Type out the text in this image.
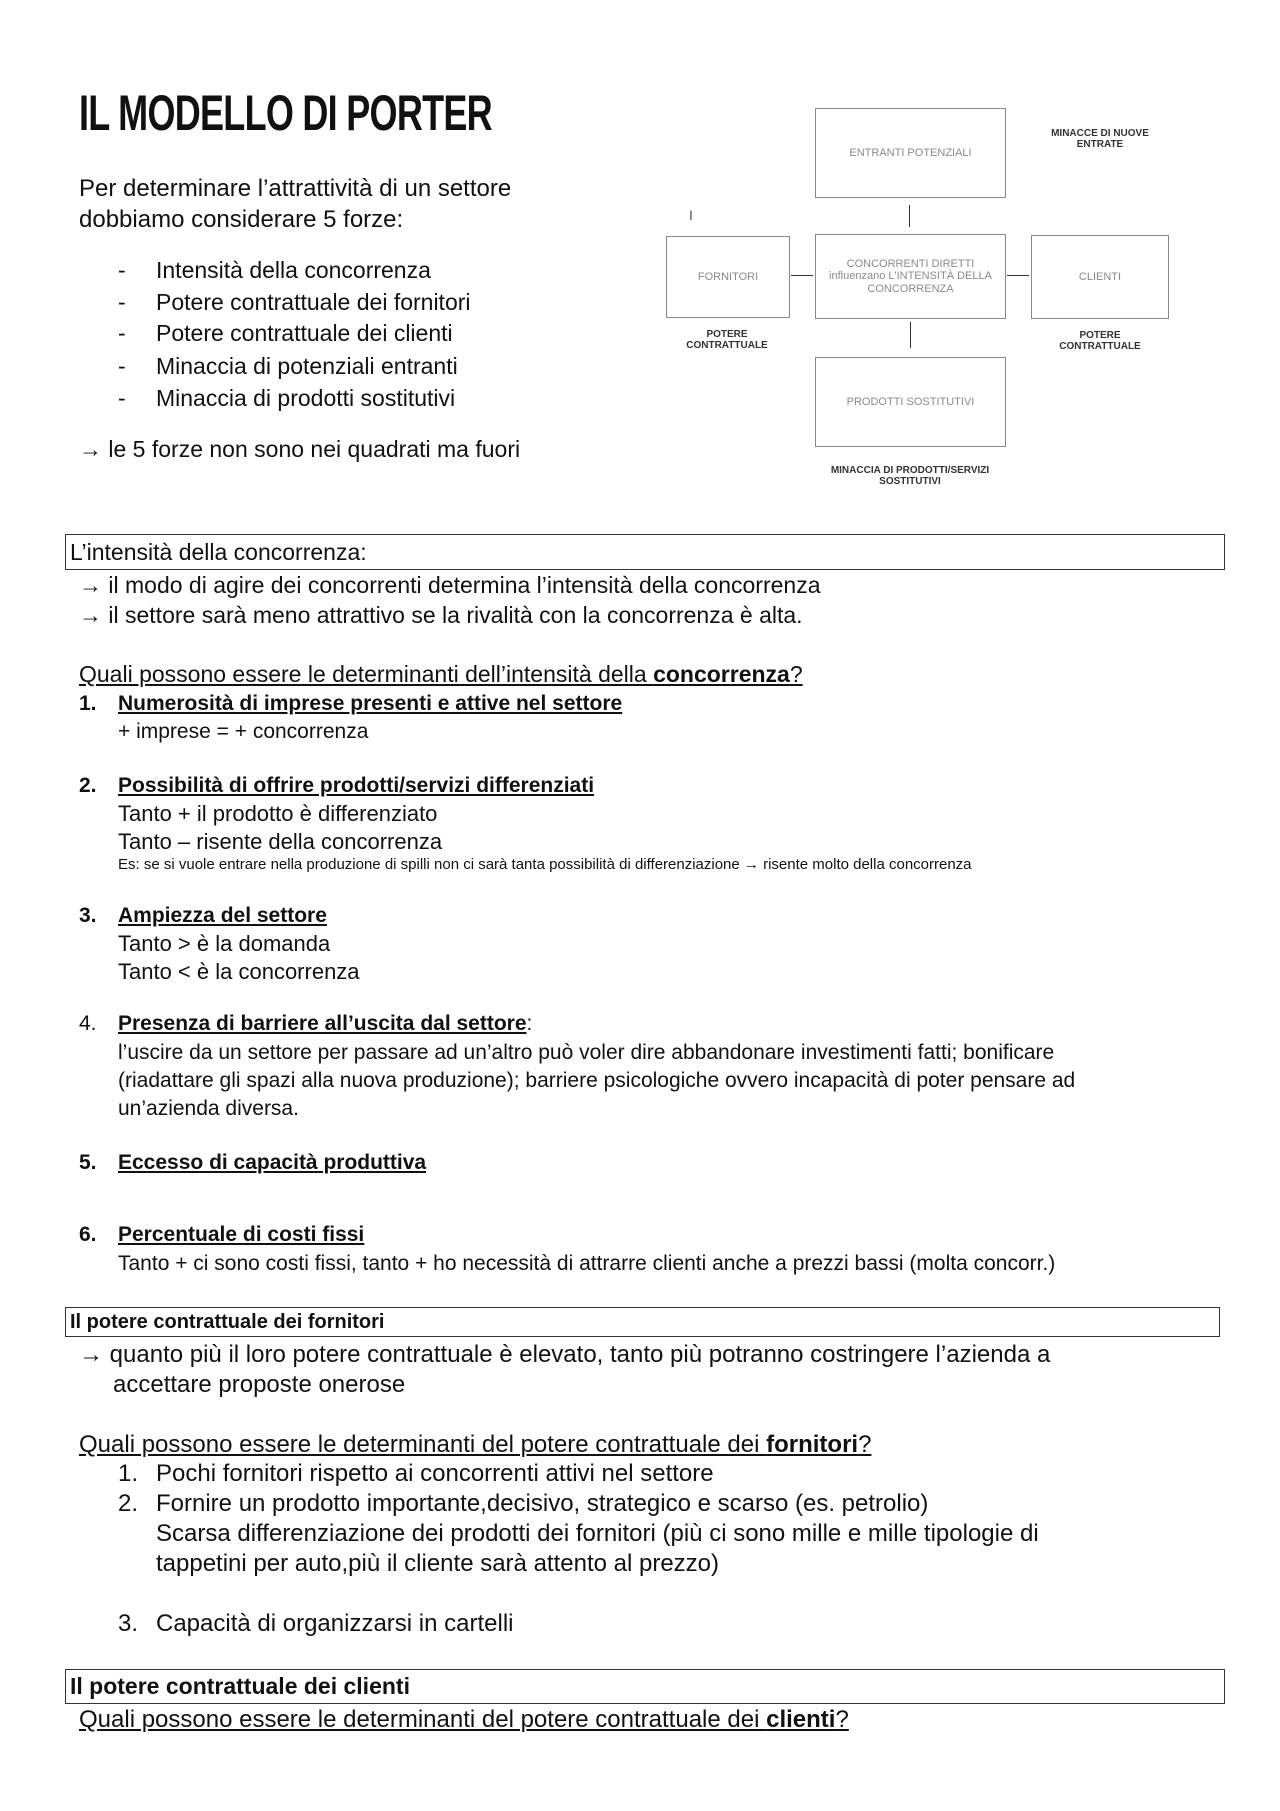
IL MODELLO DI PORTER
Per determinare l’attrattività di un settore
dobbiamo considerare 5 forze:
- Intensità della concorrenza
- Potere contrattuale dei fornitori
- Potere contrattuale dei clienti
- Minaccia di potenziali entranti
- Minaccia di prodotti sostitutivi
→ le 5 forze non sono nei quadrati ma fuori
ENTRANTI POTENZIALI
FORNITORI
CONCORRENTI DIRETTI
influenzano L'INTENSITÀ DELLA
CONCORRENZA
CLIENTI
PRODOTTI SOSTITUTIVI
MINACCE DI NUOVE
ENTRATE
POTERE
CONTRATTUALE
POTERE
CONTRATTUALE
MINACCIA DI PRODOTTI/SERVIZI
SOSTITUTIVI
I
L’intensità della concorrenza:
→ il modo di agire dei concorrenti determina l’intensità della concorrenza
→ il settore sarà meno attrattivo se la rivalità con la concorrenza è alta.
Quali possono essere le determinanti dell’intensità della concorrenza?
1. Numerosità di imprese presenti e attive nel settore
+ imprese = + concorrenza
2. Possibilità di offrire prodotti/servizi differenziati
Tanto + il prodotto è differenziato
Tanto – risente della concorrenza
Es: se si vuole entrare nella produzione di spilli non ci sarà tanta possibilità di differenziazione → risente molto della concorrenza
3. Ampiezza del settore
Tanto > è la domanda
Tanto < è la concorrenza
4. Presenza di barriere all’uscita dal settore:
l’uscire da un settore per passare ad un’altro può voler dire abbandonare investimenti fatti; bonificare
(riadattare gli spazi alla nuova produzione); barriere psicologiche ovvero incapacità di poter pensare ad
un’azienda diversa.
5. Eccesso di capacità produttiva
6. Percentuale di costi fissi
Tanto + ci sono costi fissi, tanto + ho necessità di attrarre clienti anche a prezzi bassi (molta concorr.)
Il potere contrattuale dei fornitori
→ quanto più il loro potere contrattuale è elevato, tanto più potranno costringere l’azienda a
accettare proposte onerose
Quali possono essere le determinanti del potere contrattuale dei fornitori?
1. Pochi fornitori rispetto ai concorrenti attivi nel settore
2. Fornire un prodotto importante,decisivo, strategico e scarso (es. petrolio)
Scarsa differenziazione dei prodotti dei fornitori (più ci sono mille e mille tipologie di
tappetini per auto,più il cliente sarà attento al prezzo)
3. Capacità di organizzarsi in cartelli
Il potere contrattuale dei clienti
Quali possono essere le determinanti del potere contrattuale dei clienti?
